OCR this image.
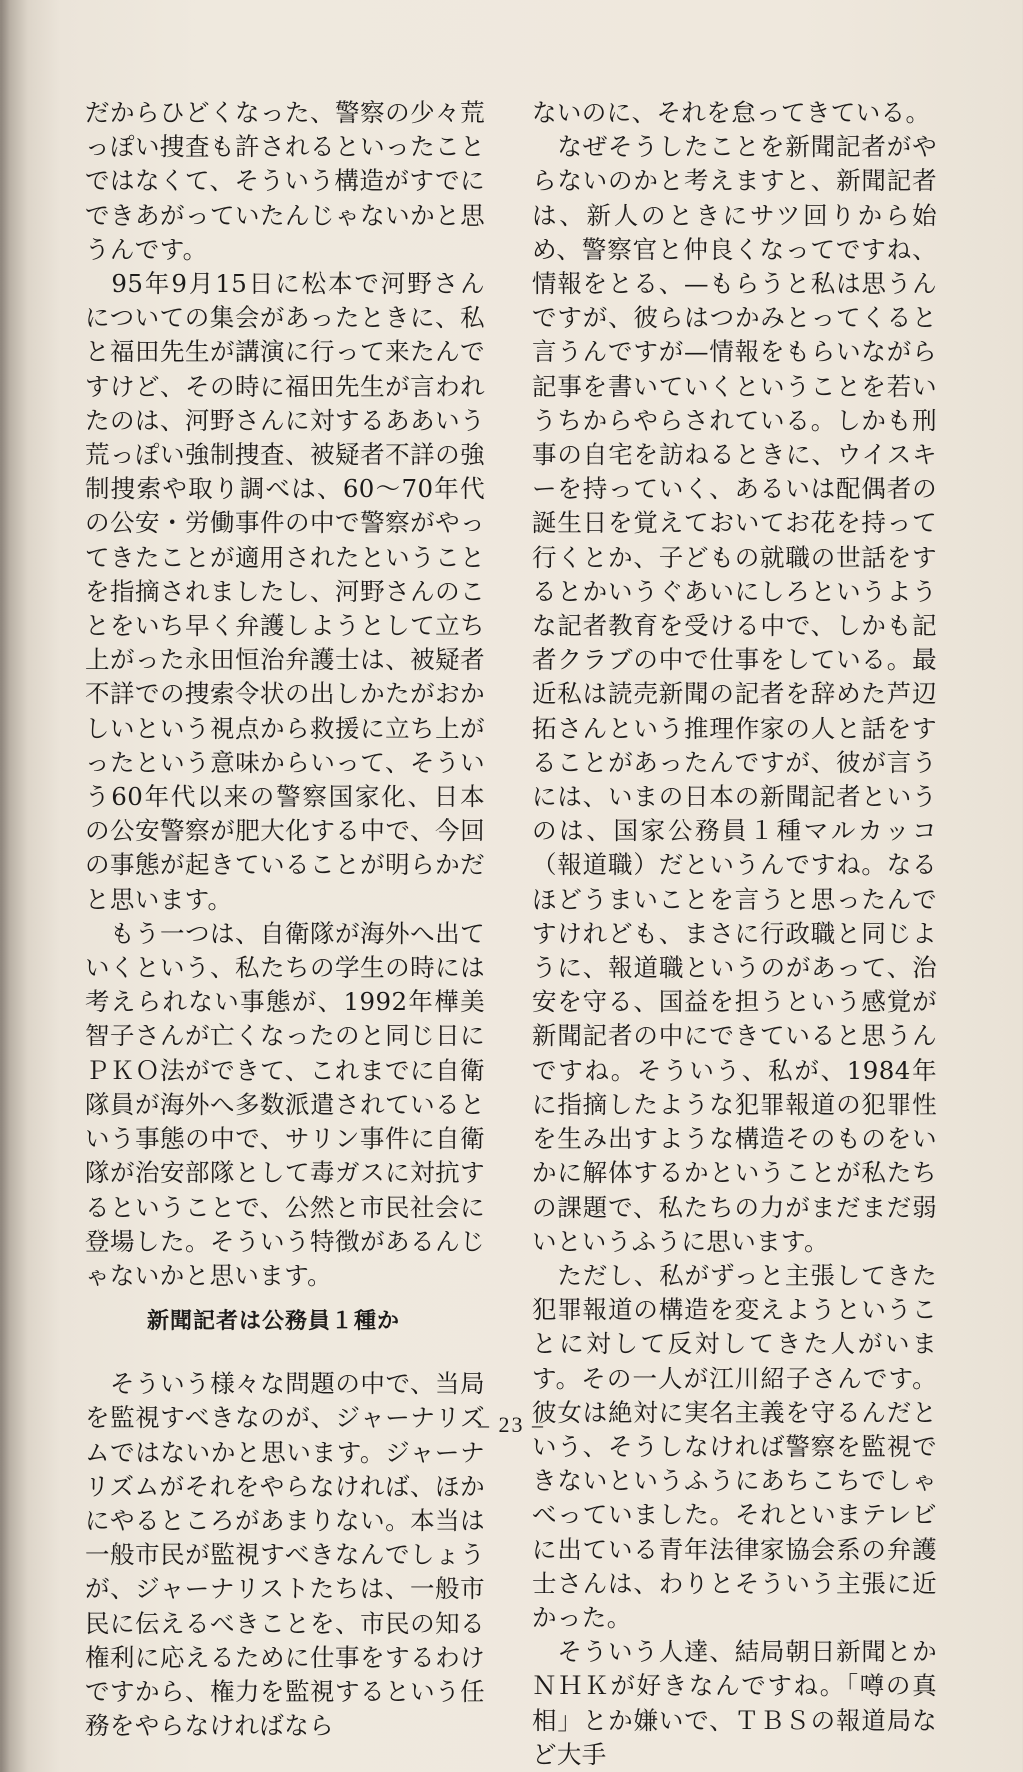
だからひどくなった、警察の少々荒っぽい捜査も許されるといったことではなくて、そういう構造がすでにできあがっていたんじゃないかと思うんです。

　95年9月15日に松本で河野さんについての集会があったときに、私と福田先生が講演に行って来たんですけど、その時に福田先生が言われたのは、河野さんに対するああいう荒っぽい強制捜査、被疑者不詳の強制捜索や取り調べは、60〜70年代の公安・労働事件の中で警察がやってきたことが適用されたということを指摘されましたし、河野さんのことをいち早く弁護しようとして立ち上がった永田恒治弁護士は、被疑者不詳での捜索令状の出しかたがおかしいという視点から救援に立ち上がったという意味からいって、そういう60年代以来の警察国家化、日本の公安警察が肥大化する中で、今回の事態が起きていることが明らかだと思います。

　もう一つは、自衛隊が海外へ出ていくという、私たちの学生の時には考えられない事態が、1992年樺美智子さんが亡くなったのと同じ日にＰＫＯ法ができて、これまでに自衛隊員が海外へ多数派遣されているという事態の中で、サリン事件に自衛隊が治安部隊として毒ガスに対抗するということで、公然と市民社会に登場した。そういう特徴があるんじゃないかと思います。

新聞記者は公務員１種か

　そういう様々な問題の中で、当局を監視すべきなのが、ジャーナリズムではないかと思います。ジャーナリズムがそれをやらなければ、ほかにやるところがあまりない。本当は一般市民が監視すべきなんでしょうが、ジャーナリストたちは、一般市民に伝えるべきことを、市民の知る権利に応えるために仕事をするわけですから、権力を監視するという任務をやらなければなら

ないのに、それを怠ってきている。

　なぜそうしたことを新聞記者がやらないのかと考えますと、新聞記者は、新人のときにサツ回りから始め、警察官と仲良くなってですね、情報をとる、—もらうと私は思うんですが、彼らはつかみとってくると言うんですが—情報をもらいながら記事を書いていくということを若いうちからやらされている。しかも刑事の自宅を訪ねるときに、ウイスキーを持っていく、あるいは配偶者の誕生日を覚えておいてお花を持って行くとか、子どもの就職の世話をするとかいうぐあいにしろというような記者教育を受ける中で、しかも記者クラブの中で仕事をしている。最近私は読売新聞の記者を辞めた芦辺拓さんという推理作家の人と話をすることがあったんですが、彼が言うには、いまの日本の新聞記者というのは、国家公務員１種マルカッコ（報道職）だというんですね。なるほどうまいことを言うと思ったんですけれども、まさに行政職と同じように、報道職というのがあって、治安を守る、国益を担うという感覚が新聞記者の中にできていると思うんですね。そういう、私が、1984年に指摘したような犯罪報道の犯罪性を生み出すような構造そのものをいかに解体するかということが私たちの課題で、私たちの力がまだまだ弱いというふうに思います。

　ただし、私がずっと主張してきた犯罪報道の構造を変えようということに対して反対してきた人がいます。その一人が江川紹子さんです。彼女は絶対に実名主義を守るんだという、そうしなければ警察を監視できないというふうにあちこちでしゃべっていました。それといまテレビに出ている青年法律家協会系の弁護士さんは、わりとそういう主張に近かった。

　そういう人達、結局朝日新聞とかＮＨＫが好きなんですね。「噂の真相」とか嫌いで、ＴＢＳの報道局など大手

– 23 –
